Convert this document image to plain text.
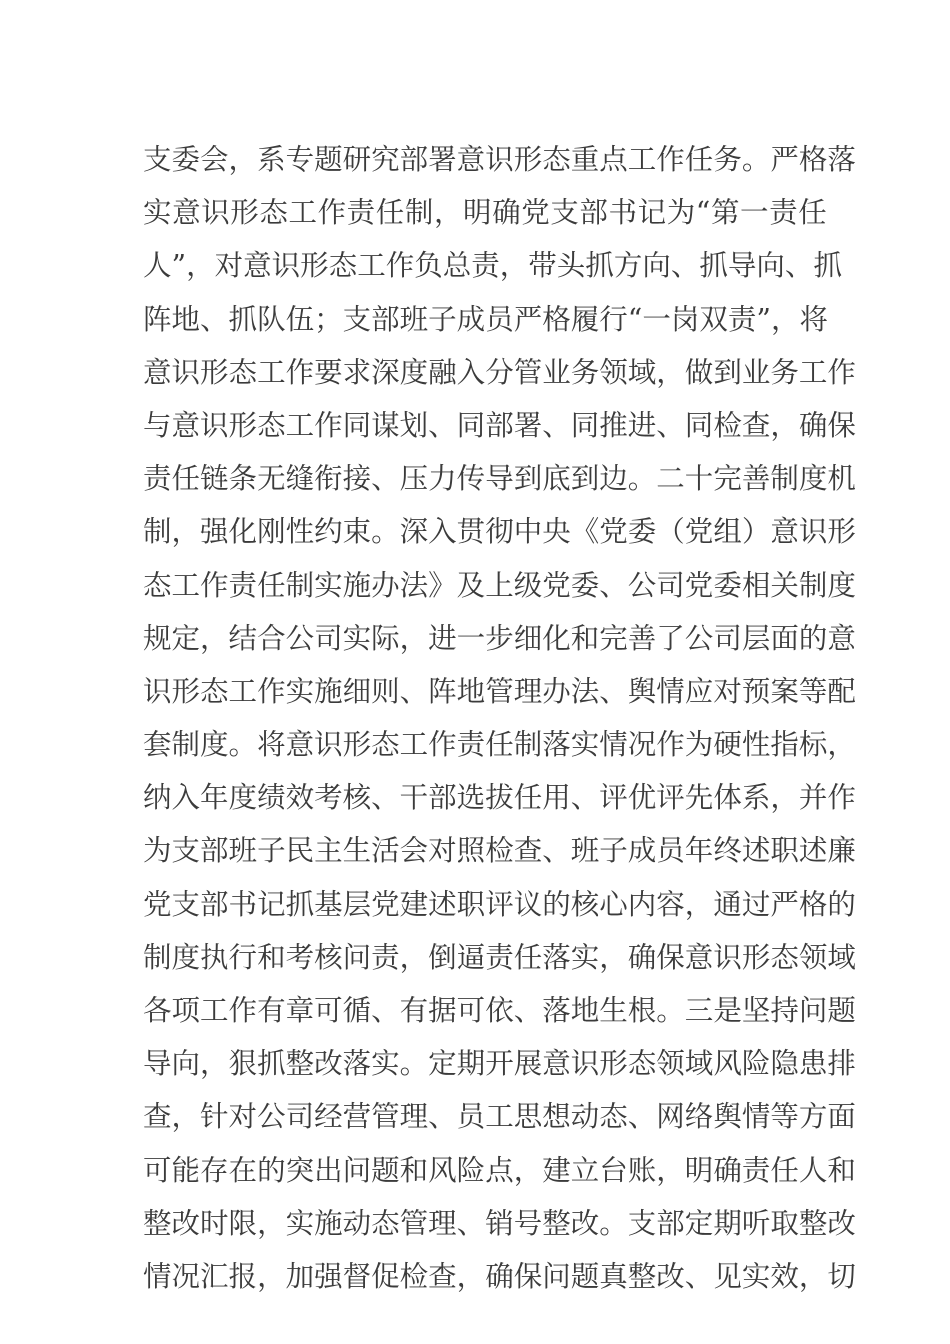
支 委 会 ， 系 专 题 研 究 部 署 意 识 形 态 重 点 工 作 任 务 。 严 格 落
实 意 识 形 态 工 作 责 任 制 ， 明 确 党 支 部 书 记 为 “ 第 一 责 任
人 ” ， 对 意 识 形 态 工 作 负 总 责 ， 带 头 抓 方 向 、 抓 导 向 、 抓
阵 地 、 抓 队 伍 ； 支 部 班 子 成 员 严 格 履 行 “ 一 岗 双 责 ” ， 将
意 识 形 态 工 作 要 求 深 度 融 入 分 管 业 务 领 域 ， 做 到 业 务 工 作
与 意 识 形 态 工 作 同 谋 划 、 同 部 署 、 同 推 进 、 同 检 查 ， 确 保
责 任 链 条 无 缝 衔 接 、 压 力 传 导 到 底 到 边 。 二 十 完 善 制 度 机
制 ， 强 化 刚 性 约 束 。 深 入 贯 彻 中 央 《 党 委 （ 党 组 ） 意 识 形
态 工 作 责 任 制 实 施 办 法 》 及 上 级 党 委 、 公 司 党 委 相 关 制 度
规 定 ， 结 合 公 司 实 际 ， 进 一 步 细 化 和 完 善 了 公 司 层 面 的 意
识 形 态 工 作 实 施 细 则 、 阵 地 管 理 办 法 、 舆 情 应 对 预 案 等 配
套 制 度 。 将 意 识 形 态 工 作 责 任 制 落 实 情 况 作 为 硬 性 指 标 ，
纳 入 年 度 绩 效 考 核 、 干 部 选 拔 任 用 、 评 优 评 先 体 系 ， 并 作
为 支 部 班 子 民 主 生 活 会 对 照 检 查 、 班 子 成 员 年 终 述 职 述 廉
党 支 部 书 记 抓 基 层 党 建 述 职 评 议 的 核 心 内 容 ， 通 过 严 格 的
制 度 执 行 和 考 核 问 责 ， 倒 逼 责 任 落 实 ， 确 保 意 识 形 态 领 域
各 项 工 作 有 章 可 循 、 有 据 可 依 、 落 地 生 根 。 三 是 坚 持 问 题
导 向 ， 狠 抓 整 改 落 实 。 定 期 开 展 意 识 形 态 领 域 风 险 隐 患 排
查 ， 针 对 公 司 经 营 管 理 、 员 工 思 想 动 态 、 网 络 舆 情 等 方 面
可 能 存 在 的 突 出 问 题 和 风 险 点 ， 建 立 台 账 ， 明 确 责 任 人 和
整 改 时 限 ， 实 施 动 态 管 理 、 销 号 整 改 。 支 部 定 期 听 取 整 改
情 况 汇 报 ， 加 强 督 促 检 查 ， 确 保 问 题 真 整 改 、 见 实 效 ， 切
